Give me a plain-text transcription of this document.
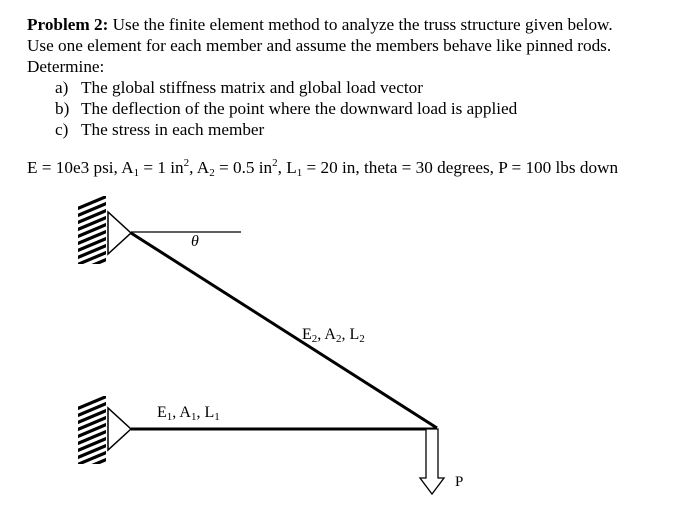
Problem 2: Use the finite element method to analyze the truss structure given below.
Use one element for each member and assume the members behave like pinned rods.
Determine:
a) The global stiffness matrix and global load vector
b) The deflection of the point where the downward load is applied
c) The stress in each member

E = 10e3 psi, $A_1 = 1$ $in^2$, $A_2 = 0.5$ $in^2$, $L_1 = 20$ in, theta = 30 degrees, P = 100 lbs down

θ
$E_2$, $A_2$, $L_2$
$E_1$, $A_1$, $L_1$
P
